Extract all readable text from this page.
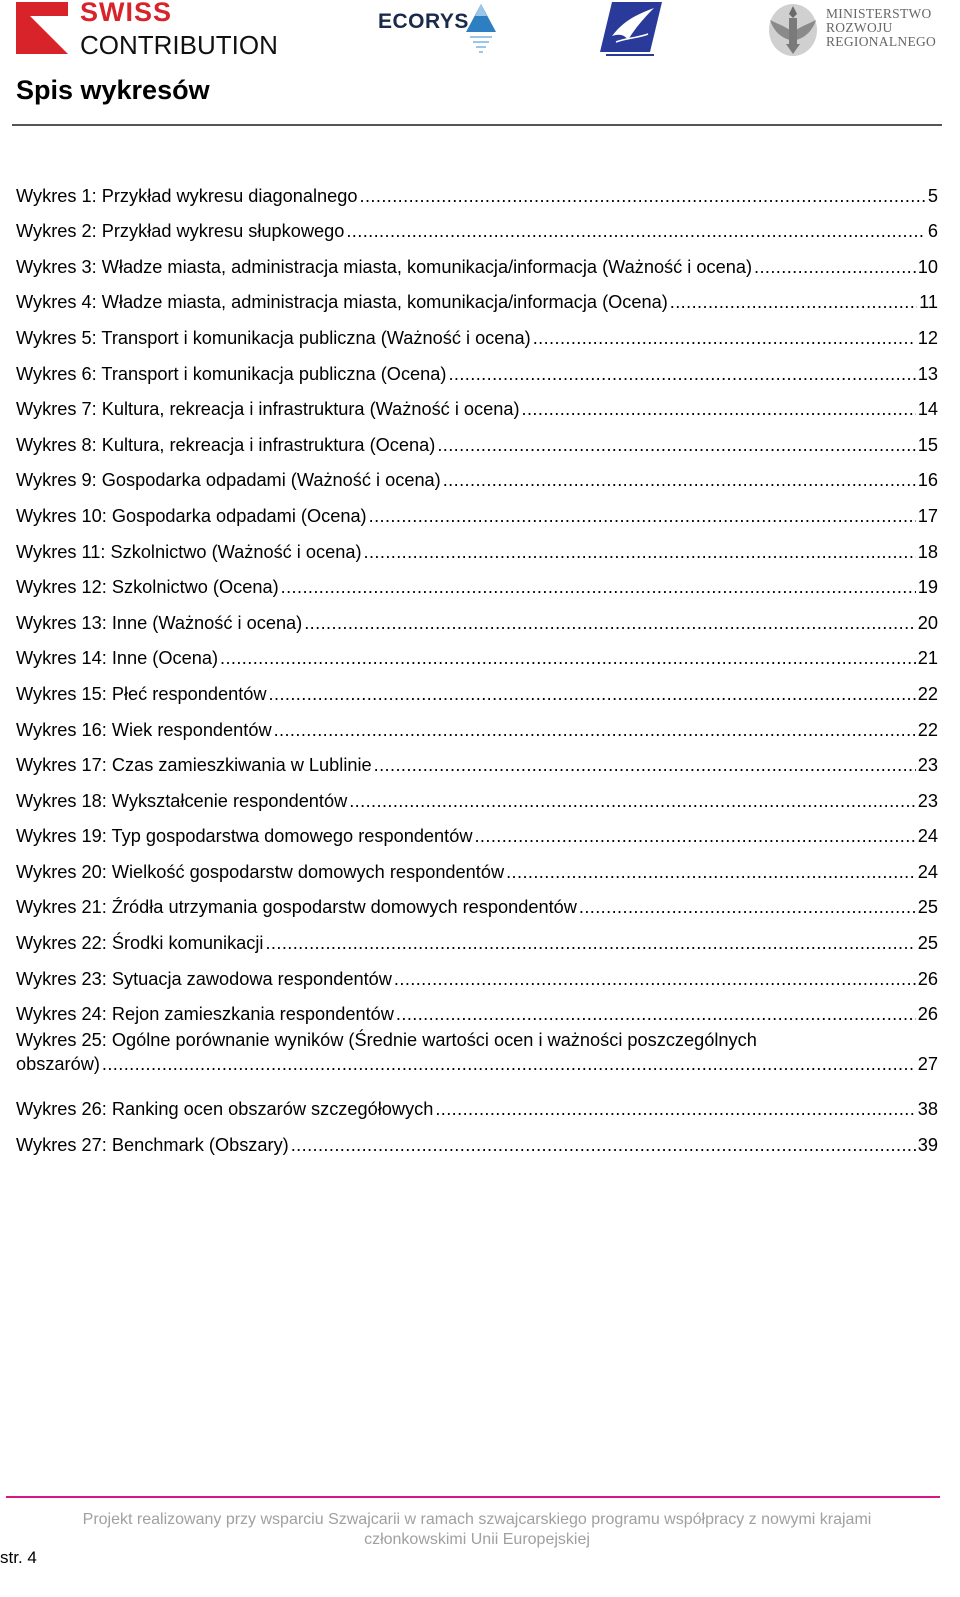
SWISS
CONTRIBUTION
ECORYS	MINISTERSTWO
ROZWOJU
REGIONALNEGO
Spis wykresów
Wykres 1: Przykład wykresu diagonalnego .....	5
Wykres 2: Przykład wykresu słupkowego .....	6
Wykres 3: Władze miasta, administracja miasta, komunikacja/informacja (Ważność i ocena) .....	10
Wykres 4: Władze miasta, administracja miasta, komunikacja/informacja (Ocena) .....	11
Wykres 5: Transport i komunikacja publiczna (Ważność i ocena) .....	12
Wykres 6: Transport i komunikacja publiczna (Ocena) .....	13
Wykres 7: Kultura, rekreacja i infrastruktura (Ważność i ocena) .....	14
Wykres 8: Kultura, rekreacja i infrastruktura (Ocena) .....	15
Wykres 9: Gospodarka odpadami (Ważność i ocena) .....	16
Wykres 10: Gospodarka odpadami (Ocena) .....	17
Wykres 11: Szkolnictwo (Ważność i ocena) .....	18
Wykres 12: Szkolnictwo (Ocena) .....	19
Wykres 13: Inne (Ważność i ocena) .....	20
Wykres 14: Inne (Ocena) .....	21
Wykres 15: Płeć respondentów .....	22
Wykres 16: Wiek respondentów .....	22
Wykres 17: Czas zamieszkiwania w Lublinie .....	23
Wykres 18: Wykształcenie respondentów .....	23
Wykres 19: Typ gospodarstwa domowego respondentów .....	24
Wykres 20: Wielkość gospodarstw domowych respondentów .....	24
Wykres 21: Źródła utrzymania gospodarstw domowych respondentów .....	25
Wykres 22: Środki komunikacji .....	25
Wykres 23: Sytuacja zawodowa respondentów .....	26
Wykres 24: Rejon zamieszkania respondentów .....	26
Wykres 25: Ogólne porównanie wyników (Średnie wartości ocen i ważności poszczególnych
obszarów) .....	27
Wykres 26: Ranking ocen obszarów szczegółowych .....	38
Wykres 27: Benchmark (Obszary) .....	39
Projekt realizowany przy wsparciu Szwajcarii w ramach szwajcarskiego programu współpracy z nowymi krajami członkowskimi Unii Europejskiej
str. 4
